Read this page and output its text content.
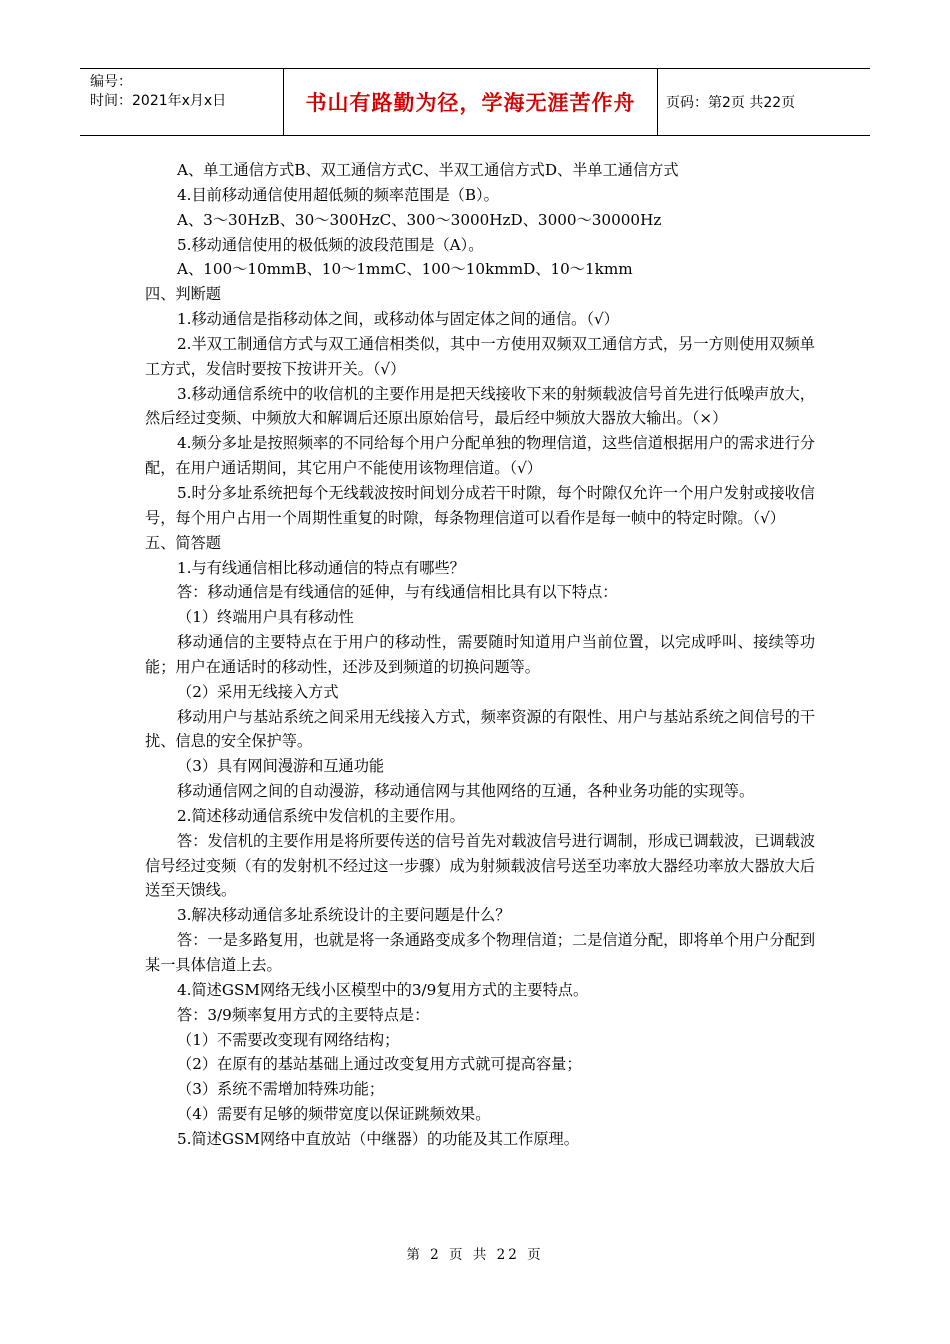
编号：
时间：2021年x月x日	书山有路勤为径，学海无涯苦作舟	页码：第2页 共22页

A、单工通信方式B、双工通信方式C、半双工通信方式D、半单工通信方式

4.目前移动通信使用超低频的频率范围是（B）。

A、3～30HzB、30～300HzC、300～3000HzD、3000～30000Hz

5.移动通信使用的极低频的波段范围是（A）。

A、100～10mmB、10～1mmC、100～10kmmD、10～1kmm

四、判断题

1.移动通信是指移动体之间，或移动体与固定体之间的通信。（√）

2.半双工制通信方式与双工通信相类似，其中一方使用双频双工通信方式，另一方则使用双频单工方式，发信时要按下按讲开关。（√）

3.移动通信系统中的收信机的主要作用是把天线接收下来的射频载波信号首先进行低噪声放大，然后经过变频、中频放大和解调后还原出原始信号，最后经中频放大器放大输出。（×）

4.频分多址是按照频率的不同给每个用户分配单独的物理信道，这些信道根据用户的需求进行分配，在用户通话期间，其它用户不能使用该物理信道。（√）

5.时分多址系统把每个无线载波按时间划分成若干时隙，每个时隙仅允许一个用户发射或接收信号，每个用户占用一个周期性重复的时隙，每条物理信道可以看作是每一帧中的特定时隙。（√）

五、简答题

1.与有线通信相比移动通信的特点有哪些？

答：移动通信是有线通信的延伸，与有线通信相比具有以下特点：

（1）终端用户具有移动性

移动通信的主要特点在于用户的移动性，需要随时知道用户当前位置，以完成呼叫、接续等功能；用户在通话时的移动性，还涉及到频道的切换问题等。

（2）采用无线接入方式

移动用户与基站系统之间采用无线接入方式，频率资源的有限性、用户与基站系统之间信号的干扰、信息的安全保护等。

（3）具有网间漫游和互通功能

移动通信网之间的自动漫游，移动通信网与其他网络的互通，各种业务功能的实现等。

2.简述移动通信系统中发信机的主要作用。

答：发信机的主要作用是将所要传送的信号首先对载波信号进行调制，形成已调载波，已调载波信号经过变频（有的发射机不经过这一步骤）成为射频载波信号送至功率放大器经功率放大器放大后送至天馈线。

3.解决移动通信多址系统设计的主要问题是什么？

答：一是多路复用，也就是将一条通路变成多个物理信道；二是信道分配，即将单个用户分配到某一具体信道上去。

4.简述GSM网络无线小区模型中的3/9复用方式的主要特点。

答：3/9频率复用方式的主要特点是：

（1）不需要改变现有网络结构；

（2）在原有的基站基础上通过改变复用方式就可提高容量；

（3）系统不需增加特殊功能；

（4）需要有足够的频带宽度以保证跳频效果。

5.简述GSM网络中直放站（中继器）的功能及其工作原理。

第 2 页 共 22 页
